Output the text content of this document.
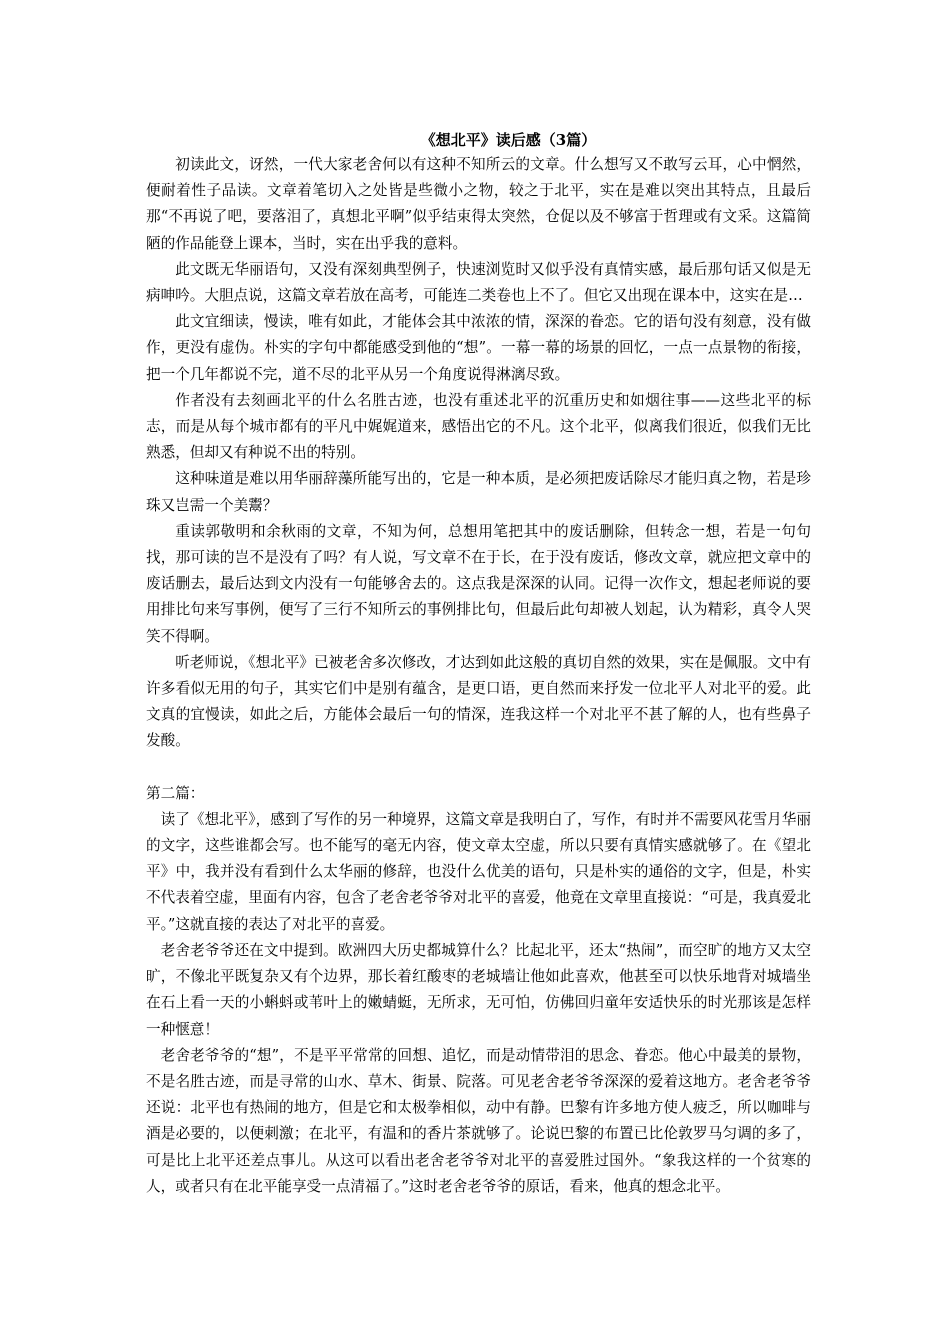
《想北平》读后感（3篇）

初读此文，讶然，一代大家老舍何以有这种不知所云的文章。什么想写又不敢写云耳，心中惘然，便耐着性子品读。文章着笔切入之处皆是些微小之物，较之于北平，实在是难以突出其特点，且最后那“不再说了吧，要落泪了，真想北平啊”似乎结束得太突然，仓促以及不够富于哲理或有文采。这篇简陋的作品能登上课本，当时，实在出乎我的意料。

此文既无华丽语句，又没有深刻典型例子，快速浏览时又似乎没有真情实感，最后那句话又似是无病呻吟。大胆点说，这篇文章若放在高考，可能连二类卷也上不了。但它又出现在课本中，这实在是…

此文宜细读，慢读，唯有如此，才能体会其中浓浓的情，深深的眷恋。它的语句没有刻意，没有做作，更没有虚伪。朴实的字句中都能感受到他的“想”。一幕一幕的场景的回忆，一点一点景物的衔接，把一个几年都说不完，道不尽的北平从另一个角度说得淋漓尽致。

作者没有去刻画北平的什么名胜古迹，也没有重述北平的沉重历史和如烟往事——这些北平的标志，而是从每个城市都有的平凡中娓娓道来，感悟出它的不凡。这个北平，似离我们很近，似我们无比熟悉，但却又有种说不出的特别。

这种味道是难以用华丽辞藻所能写出的，它是一种本质，是必须把废话除尽才能归真之物，若是珍珠又岂需一个美鬻？

重读郭敬明和余秋雨的文章，不知为何，总想用笔把其中的废话删除，但转念一想，若是一句句找，那可读的岂不是没有了吗？有人说，写文章不在于长，在于没有废话，修改文章，就应把文章中的废话删去，最后达到文内没有一句能够舍去的。这点我是深深的认同。记得一次作文，想起老师说的要用排比句来写事例，便写了三行不知所云的事例排比句，但最后此句却被人划起，认为精彩，真令人哭笑不得啊。

听老师说，《想北平》已被老舍多次修改，才达到如此这般的真切自然的效果，实在是佩服。文中有许多看似无用的句子，其实它们中是别有蕴含，是更口语，更自然而来抒发一位北平人对北平的爱。此文真的宜慢读，如此之后，方能体会最后一句的情深，连我这样一个对北平不甚了解的人，也有些鼻子发酸。

第二篇：

读了《想北平》，感到了写作的另一种境界，这篇文章是我明白了，写作，有时并不需要风花雪月华丽的文字，这些谁都会写。也不能写的毫无内容，使文章太空虚，所以只要有真情实感就够了。在《望北平》中，我并没有看到什么太华丽的修辞，也没什么优美的语句，只是朴实的通俗的文字，但是，朴实不代表着空虚，里面有内容，包含了老舍老爷爷对北平的喜爱，他竟在文章里直接说：“可是，我真爱北平。”这就直接的表达了对北平的喜爱。

老舍老爷爷还在文中提到。欧洲四大历史都城算什么？比起北平，还太“热闹”，而空旷的地方又太空旷，不像北平既复杂又有个边界，那长着红酸枣的老城墙让他如此喜欢，他甚至可以快乐地背对城墙坐在石上看一天的小蝌蚪或苇叶上的嫩蜻蜓，无所求，无可怕，仿佛回归童年安适快乐的时光那该是怎样一种惬意！

老舍老爷爷的“想”，不是平平常常的回想、追忆，而是动情带泪的思念、眷恋。他心中最美的景物，不是名胜古迹，而是寻常的山水、草木、街景、院落。可见老舍老爷爷深深的爱着这地方。老舍老爷爷还说：北平也有热闹的地方，但是它和太极拳相似，动中有静。巴黎有许多地方使人疲乏，所以咖啡与酒是必要的，以便刺激；在北平，有温和的香片茶就够了。论说巴黎的布置已比伦敦罗马匀调的多了，可是比上北平还差点事儿。从这可以看出老舍老爷爷对北平的喜爱胜过国外。“象我这样的一个贫寒的人，或者只有在北平能享受一点清福了。”这时老舍老爷爷的原话，看来，他真的想念北平。
